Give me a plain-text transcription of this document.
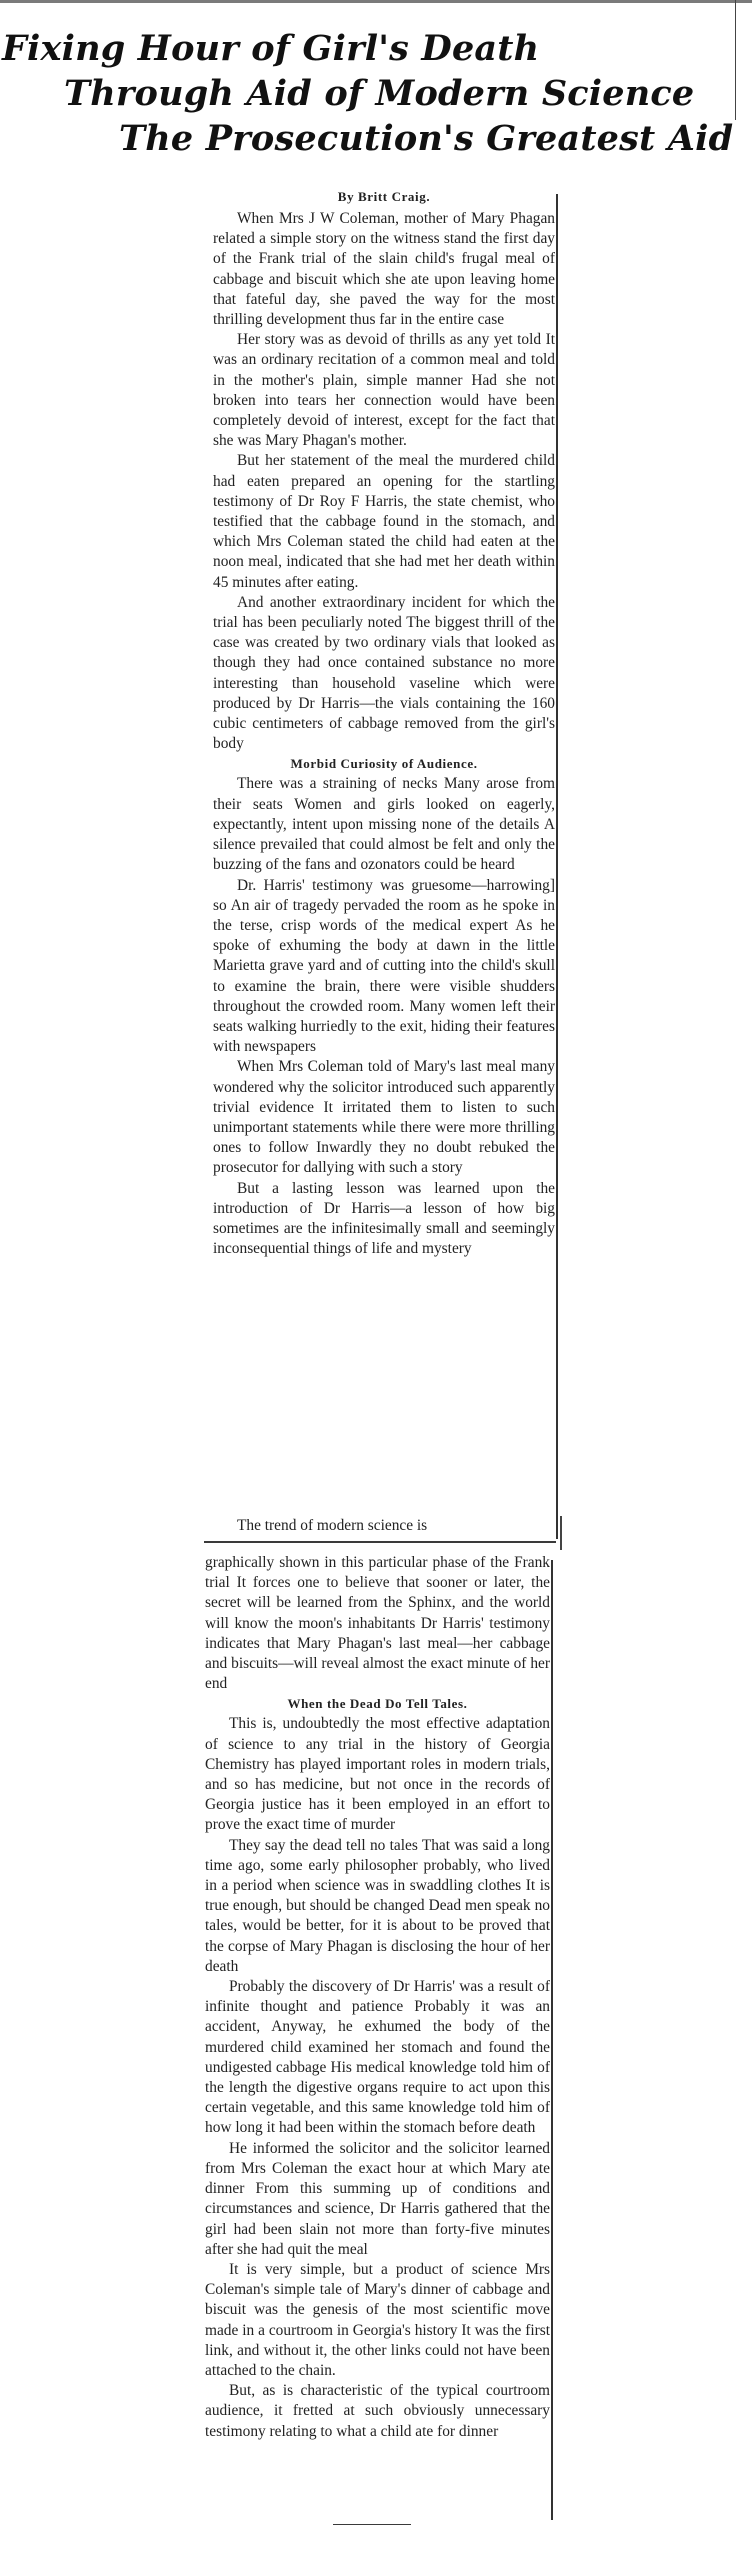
Fixing Hour of Girl's Death
Through Aid of Modern Science
The Prosecution's Greatest Aid
By Britt Craig.

When Mrs J W Coleman, mother of Mary Phagan related a simple story on the witness stand the first day of the Frank trial of the slain child's frugal meal of cabbage and biscuit which she ate upon leaving home that fateful day, she paved the way for the most thrilling development thus far in the entire case

Her story was as devoid of thrills as any yet told It was an ordinary recitation of a common meal and told in the mother's plain, simple manner Had she not broken into tears her connection would have been completely devoid of interest, except for the fact that she was Mary Phagan's mother.

But her statement of the meal the murdered child had eaten prepared an opening for the startling testimony of Dr Roy F Harris, the state chemist, who testified that the cabbage found in the stomach, and which Mrs Coleman stated the child had eaten at the noon meal, indicated that she had met her death within 45 minutes after eating.

And another extraordinary incident for which the trial has been peculiarly noted The biggest thrill of the case was created by two ordinary vials that looked as though they had once contained substance no more interesting than household vaseline which were produced by Dr Harris—the vials containing the 160 cubic centimeters of cabbage removed from the girl's body

Morbid Curiosity of Audience.

There was a straining of necks Many arose from their seats Women and girls looked on eagerly, expectantly, intent upon missing none of the details A silence prevailed that could almost be felt and only the buzzing of the fans and ozonators could be heard

Dr. Harris' testimony was gruesome—harrowing] so An air of tragedy pervaded the room as he spoke in the terse, crisp words of the medical expert As he spoke of exhuming the body at dawn in the little Marietta grave yard and of cutting into the child's skull to examine the brain, there were visible shudders throughout the crowded room. Many women left their seats walking hurriedly to the exit, hiding their features with newspapers

When Mrs Coleman told of Mary's last meal many wondered why the solicitor introduced such apparently trivial evidence It irritated them to listen to such unimportant statements while there were more thrilling ones to follow Inwardly they no doubt rebuked the prosecutor for dallying with such a story

But a lasting lesson was learned upon the introduction of Dr Harris—a lesson of how big sometimes are the infinitesimally small and seemingly inconsequential things of life and mystery

The trend of modern science is

graphically shown in this particular phase of the Frank trial It forces one to believe that sooner or later, the secret will be learned from the Sphinx, and the world will know the moon's inhabitants Dr Harris' testimony indicates that Mary Phagan's last meal—her cabbage and biscuits—will reveal almost the exact minute of her end

When the Dead Do Tell Tales.

This is, undoubtedly the most effective adaptation of science to any trial in the history of Georgia Chemistry has played important roles in modern trials, and so has medicine, but not once in the records of Georgia justice has it been employed in an effort to prove the exact time of murder

They say the dead tell no tales That was said a long time ago, some early philosopher probably, who lived in a period when science was in swaddling clothes It is true enough, but should be changed Dead men speak no tales, would be better, for it is about to be proved that the corpse of Mary Phagan is disclosing the hour of her death

Probably the discovery of Dr Harris' was a result of infinite thought and patience Probably it was an accident, Anyway, he exhumed the body of the murdered child examined her stomach and found the undigested cabbage His medical knowledge told him of the length the digestive organs require to act upon this certain vegetable, and this same knowledge told him of how long it had been within the stomach before death

He informed the solicitor and the solicitor learned from Mrs Coleman the exact hour at which Mary ate dinner From this summing up of conditions and circumstances and science, Dr Harris gathered that the girl had been slain not more than forty-five minutes after she had quit the meal

It is very simple, but a product of science Mrs Coleman's simple tale of Mary's dinner of cabbage and biscuit was the genesis of the most scientific move made in a courtroom in Georgia's history It was the first link, and without it, the other links could not have been attached to the chain.

But, as is characteristic of the typical courtroom audience, it fretted at such obviously unnecessary testimony relating to what a child ate for dinner
